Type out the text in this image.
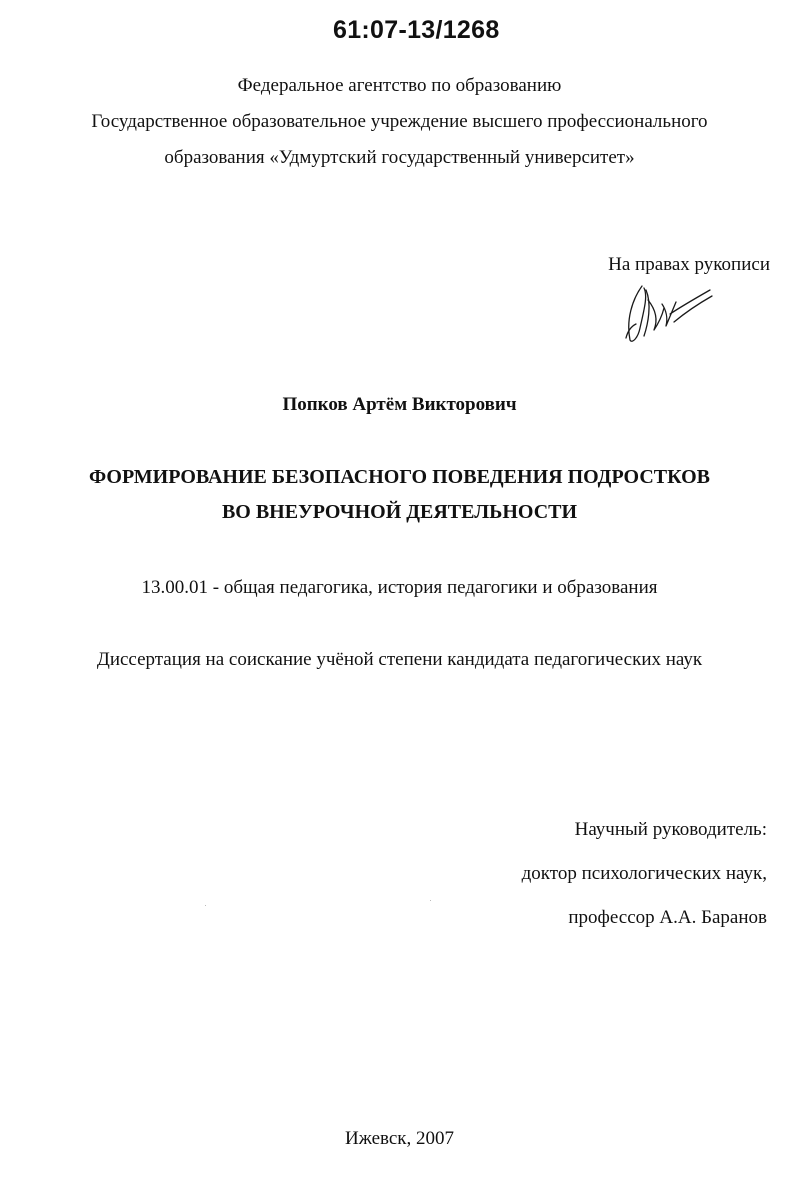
61:07-13/1268
Федеральное агентство по образованию
Государственное образовательное учреждение высшего профессионального
образования «Удмуртский государственный университет»
На правах рукописи
Попков Артём Викторович
ФОРМИРОВАНИЕ БЕЗОПАСНОГО ПОВЕДЕНИЯ ПОДРОСТКОВ
ВО ВНЕУРОЧНОЙ ДЕЯТЕЛЬНОСТИ
13.00.01 - общая педагогика, история педагогики и образования
Диссертация на соискание учёной степени кандидата педагогических наук
Научный руководитель:
доктор психологических наук,
профессор А.А. Баранов
Ижевск, 2007
